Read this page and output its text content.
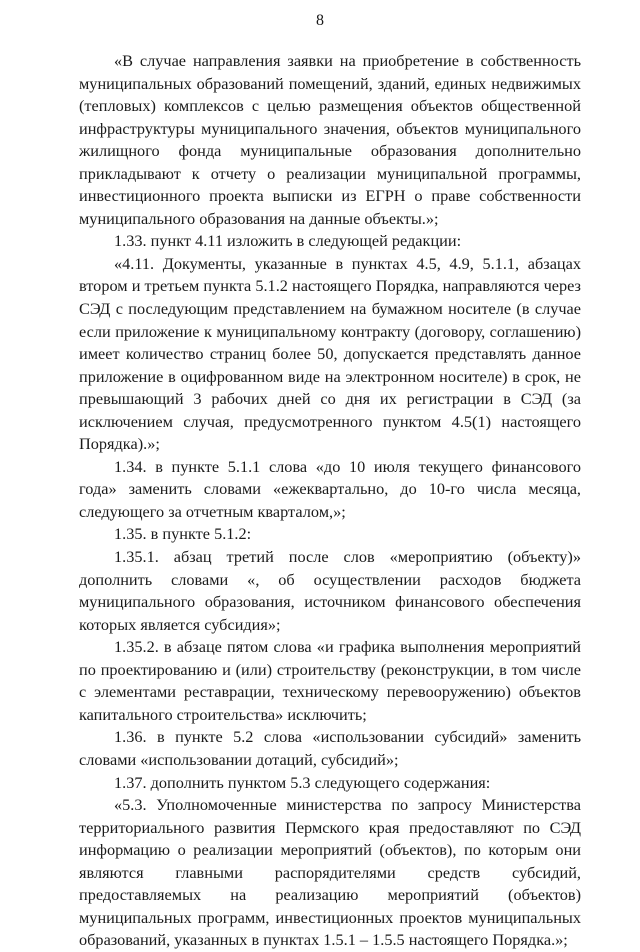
8

«В случае направления заявки на приобретение в собственность муниципальных образований помещений, зданий, единых недвижимых (тепловых) комплексов с целью размещения объектов общественной инфраструктуры муниципального значения, объектов муниципального жилищного фонда муниципальные образования дополнительно прикладывают к отчету о реализации муниципальной программы, инвестиционного проекта выписки из ЕГРН о праве собственности муниципального образования на данные объекты.»;

1.33. пункт 4.11 изложить в следующей редакции:

«4.11. Документы, указанные в пунктах 4.5, 4.9, 5.1.1, абзацах втором и третьем пункта 5.1.2 настоящего Порядка, направляются через СЭД с последующим представлением на бумажном носителе (в случае если приложение к муниципальному контракту (договору, соглашению) имеет количество страниц более 50, допускается представлять данное приложение в оцифрованном виде на электронном носителе) в срок, не превышающий 3 рабочих дней со дня их регистрации в СЭД (за исключением случая, предусмотренного пунктом 4.5(1) настоящего Порядка).»;

1.34. в пункте 5.1.1 слова «до 10 июля текущего финансового года» заменить словами «ежеквартально, до 10-го числа месяца, следующего за отчетным кварталом,»;

1.35. в пункте 5.1.2:

1.35.1. абзац третий после слов «мероприятию (объекту)» дополнить словами «, об осуществлении расходов бюджета муниципального образования, источником финансового обеспечения которых является субсидия»;

1.35.2. в абзаце пятом слова «и графика выполнения мероприятий по проектированию и (или) строительству (реконструкции, в том числе с элементами реставрации, техническому перевооружению) объектов капитального строительства» исключить;

1.36. в пункте 5.2 слова «использовании субсидий» заменить словами «использовании дотаций, субсидий»;

1.37. дополнить пунктом 5.3 следующего содержания:

«5.3. Уполномоченные министерства по запросу Министерства территориального развития Пермского края предоставляют по СЭД информацию о реализации мероприятий (объектов), по которым они являются главными распорядителями средств субсидий, предоставляемых на реализацию мероприятий (объектов) муниципальных программ, инвестиционных проектов муниципальных образований, указанных в пунктах 1.5.1 – 1.5.5 настоящего Порядка.»;
